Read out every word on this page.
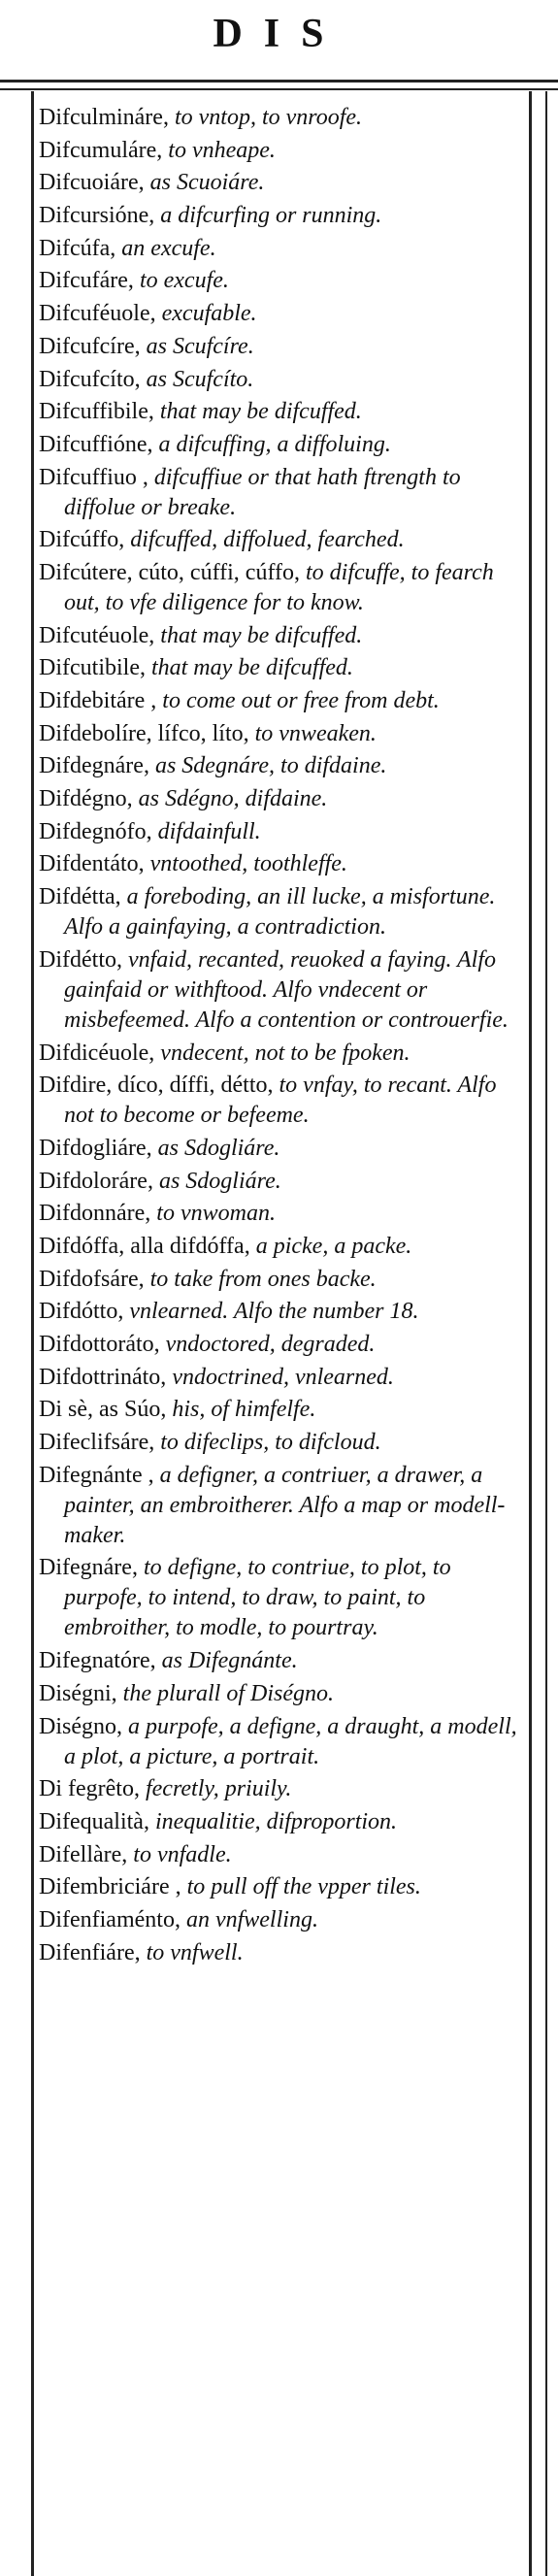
DIS
Difculmináre, to vntop, to vnroofe.
Difcumuláre, to vnheape.
Difcuoiáre, as Scuoiáre.
Difcursióne, a difcurfing or running.
Difcúfa, an excufe.
Difcufáre, to excufe.
Difcuféuole, excufable.
Difcufcíre, as Scufcíre.
Difcufcíto, as Scufcíto.
Difcuffibile, that may be difcuffed.
Difcuffióne, a difcuffing, a diffoluing.
Difcuffiuo , difcuffiue or that hath ftrength to diffolue or breake.
Difcúffo, difcuffed, diffolued, fearched.
Difcútere, cúto, cúffi, cúffo, to difcuffe, to fearch out, to vfe diligence for to know.
Difcutéuole, that may be difcuffed.
Difcutibile, that may be difcuffed.
Difdebitáre , to come out or free from debt.
Difdebolíre, lífco, líto, to vnweaken.
Difdegnáre, as Sdegnáre, to difdaine.
Difdégno, as Sdégno, difdaine.
Difdegnófo, difdainfull.
Difdentáto, vntoothed, toothleffe.
Difdétta, a foreboding, an ill lucke, a misfortune. Alfo a gainfaying, a contradiction.
Difdétto, vnfaid, recanted, reuoked a faying. Alfo gainfaid or withftood. Alfo vndecent or misbefeemed. Alfo a contention or controuerfie.
Difdicéuole, vndecent, not to be fpoken.
Difdire, díco, díffi, détto, to vnfay, to recant. Alfo not to become or befeeme.
Difdogliáre, as Sdogliáre.
Difdoloráre, as Sdogliáre.
Difdonnáre, to vnwoman.
Difdóffa, alla difdóffa, a picke, a packe.
Difdofsáre, to take from ones backe.
Difdótto, vnlearned. Alfo the number 18.
Difdottoráto, vndoctored, degraded.
Difdottrináto, vndoctrined, vnlearned.
Di sè, as Súo, his, of himfelfe.
Difeclifsáre, to difeclips, to difcloud.
Difegnánte , a defigner, a contriuer, a drawer, a painter, an embroitherer. Alfo a map or modell-maker.
Difegnáre, to defigne, to contriue, to plot, to purpofe, to intend, to draw, to paint, to embroither, to modle, to pourtray.
Difegnatóre, as Difegnánte.
Diségni, the plurall of Diségno.
Diségno, a purpofe, a defigne, a draught, a modell, a plot, a picture, a portrait.
Di fegrêto, fecretly, priuily.
Difequalità, inequalitie, difproportion.
Difellàre, to vnfadle.
Difembriciáre , to pull off the vpper tiles.
Difenfiaménto, an vnfwelling.
Difenfiáre, to vnfwell.
